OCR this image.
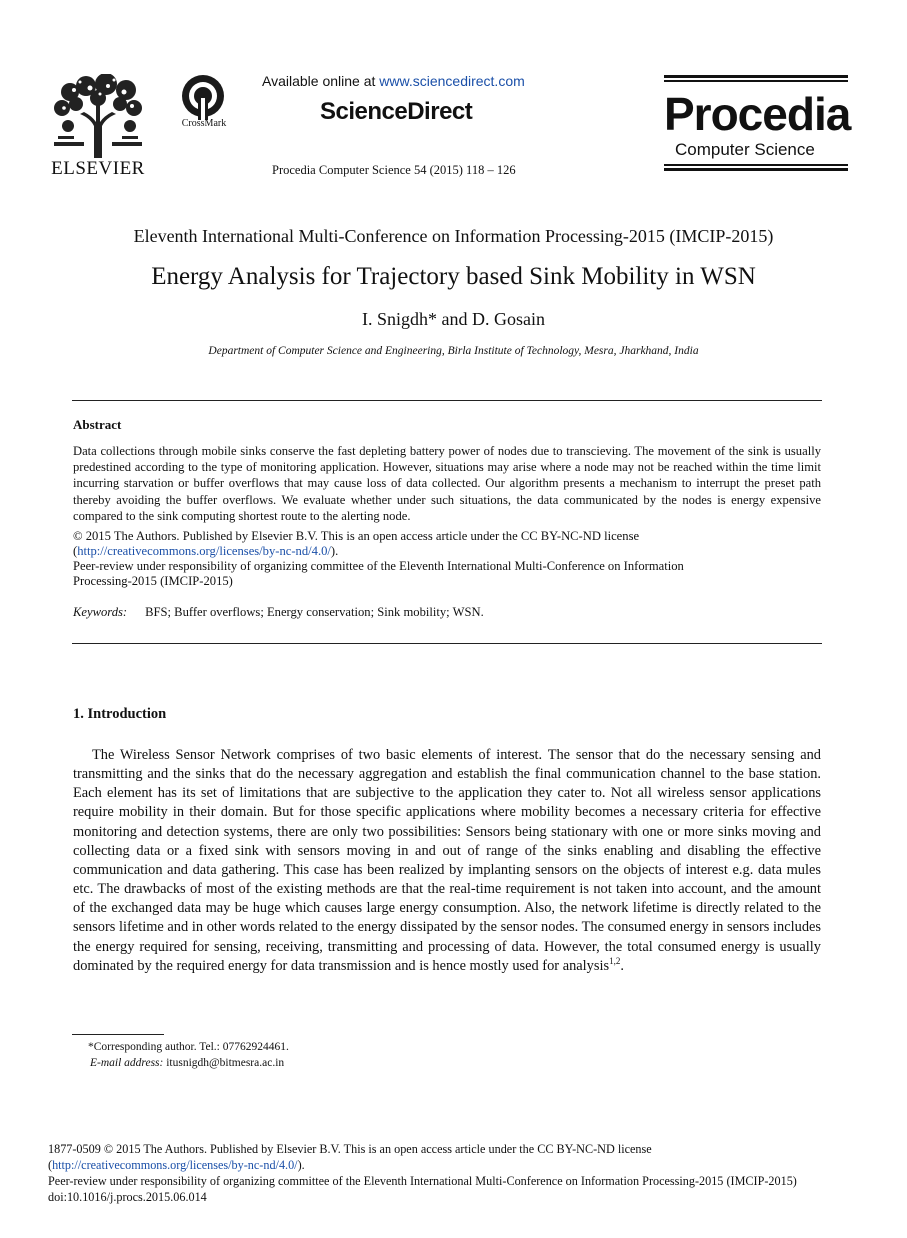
ELSEVIER
CrossMark
Available online at www.sciencedirect.com
ScienceDirect
Procedia Computer Science 54 (2015) 118 – 126
Procedia
Computer Science
Eleventh International Multi-Conference on Information Processing-2015 (IMCIP-2015)
Energy Analysis for Trajectory based Sink Mobility in WSN
I. Snigdh* and D. Gosain
Department of Computer Science and Engineering, Birla Institute of Technology, Mesra, Jharkhand, India
Abstract
Data collections through mobile sinks conserve the fast depleting battery power of nodes due to transcieving. The movement of the sink is usually predestined according to the type of monitoring application. However, situations may arise where a node may not be reached within the time limit incurring starvation or buffer overflows that may cause loss of data collected. Our algorithm presents a mechanism to interrupt the preset path thereby avoiding the buffer overflows. We evaluate whether under such situations, the data communicated by the nodes is energy expensive compared to the sink computing shortest route to the alerting node.
© 2015 The Authors. Published by Elsevier B.V. This is an open access article under the CC BY-NC-ND license
(http://creativecommons.org/licenses/by-nc-nd/4.0/).
Peer-review under responsibility of organizing committee of the Eleventh International Multi-Conference on Information
Processing-2015 (IMCIP-2015)
Keywords: BFS; Buffer overflows; Energy conservation; Sink mobility; WSN.
1. Introduction
The Wireless Sensor Network comprises of two basic elements of interest. The sensor that do the necessary sensing and transmitting and the sinks that do the necessary aggregation and establish the final communication channel to the base station. Each element has its set of limitations that are subjective to the application they cater to. Not all wireless sensor applications require mobility in their domain. But for those specific applications where mobility becomes a necessary criteria for effective monitoring and detection systems, there are only two possibilities: Sensors being stationary with one or more sinks moving and collecting data or a fixed sink with sensors moving in and out of range of the sinks enabling and disabling the effective communication and data gathering. This case has been realized by implanting sensors on the objects of interest e.g. data mules etc. The drawbacks of most of the existing methods are that the real-time requirement is not taken into account, and the amount of the exchanged data may be huge which causes large energy consumption. Also, the network lifetime is directly related to the sensors lifetime and in other words related to the energy dissipated by the sensor nodes. The consumed energy in sensors includes the energy required for sensing, receiving, transmitting and processing of data. However, the total consumed energy is usually dominated by the required energy for data transmission and is hence mostly used for analysis$^{1,2}$.
*Corresponding author. Tel.: 07762924461.
E-mail address: itusnigdh@bitmesra.ac.in
1877-0509 © 2015 The Authors. Published by Elsevier B.V. This is an open access article under the CC BY-NC-ND license
(http://creativecommons.org/licenses/by-nc-nd/4.0/).
Peer-review under responsibility of organizing committee of the Eleventh International Multi-Conference on Information Processing-2015 (IMCIP-2015)
doi:10.1016/j.procs.2015.06.014
